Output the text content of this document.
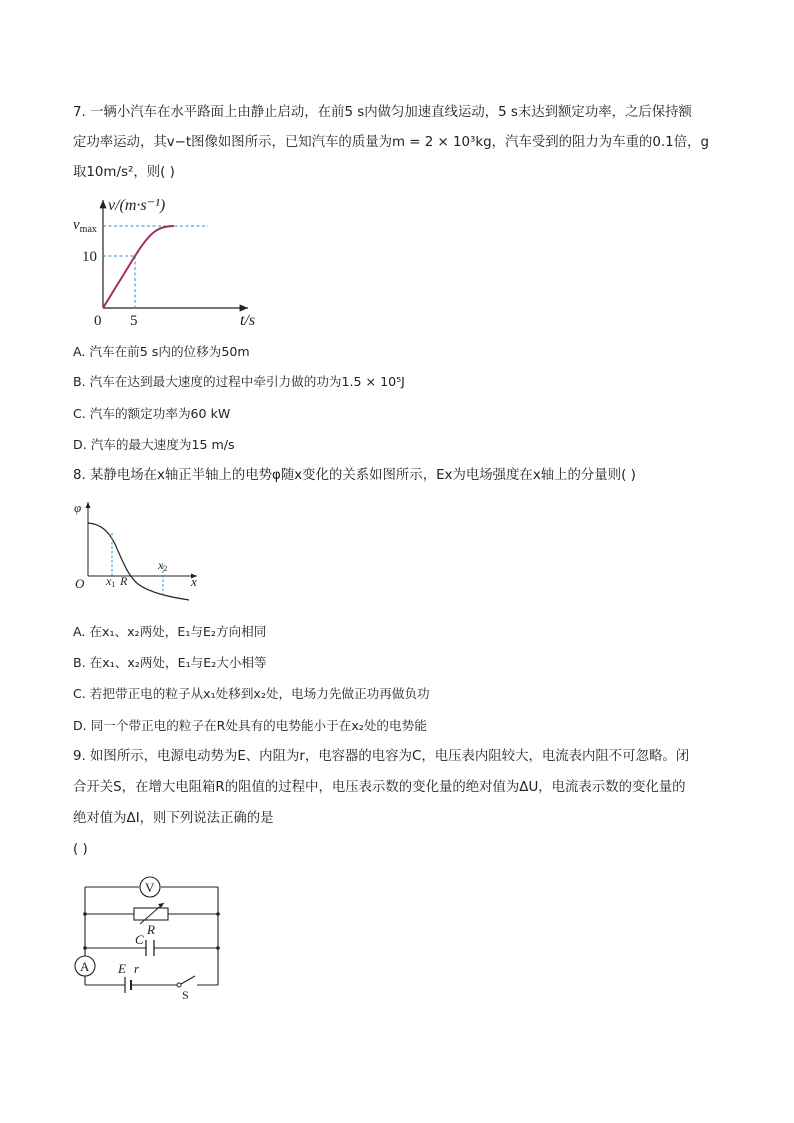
7. 一辆小汽车在水平路面上由静止启动，在前5 s内做匀加速直线运动，5 s末达到额定功率，之后保持额
定功率运动，其v−t图像如图所示，已知汽车的质量为m = 2 × 10³kg，汽车受到的阻力为车重的0.1倍，g
取10m/s²，则( )
v/(m·s⁻¹)
t/s
$v_{max}$
10
0 5
A. 汽车在前5 s内的位移为50m
B. 汽车在达到最大速度的过程中牵引力做的功为1.5 × 10⁵J
C. 汽车的额定功率为60 kW
D. 汽车的最大速度为15 m/s
8. 某静电场在x轴正半轴上的电势φ随x变化的关系如图所示，Ex为电场强度在x轴上的分量则( )
φ
x
O x1 R
x2
A. 在x₁、x₂两处，E₁与E₂方向相同
B. 在x₁、x₂两处，E₁与E₂大小相等
C. 若把带正电的粒子从x₁处移到x₂处，电场力先做正功再做负功
D. 同一个带正电的粒子在R处具有的电势能小于在x₂处的电势能
9. 如图所示，电源电动势为E、内阻为r，电容器的电容为C，电压表内阻较大，电流表内阻不可忽略。闭
合开关S，在增大电阻箱R的阻值的过程中，电压表示数的变化量的绝对值为ΔU，电流表示数的变化量的
绝对值为ΔI，则下列说法正确的是
( )
V
R
C
A E r
S
